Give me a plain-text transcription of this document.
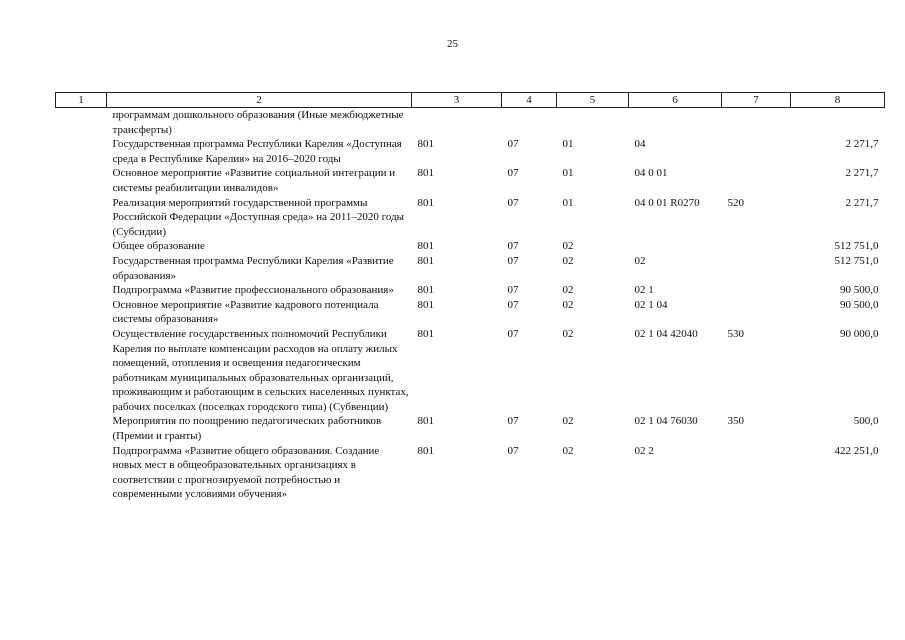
25
1	2	3	4	5	6	7	8
	программам дошкольного образования (Иные межбюджетные трансферты)						
	Государственная программа Республики Карелия «Доступная среда в Республике Карелия» на 2016–2020 годы	801	07	01	04		2 271,7
	Основное мероприятие «Развитие социальной интеграции и системы реабилитации инвалидов»	801	07	01	04 0 01		2 271,7
	Реализация мероприятий государственной программы Российской Федерации «Доступная среда» на 2011–2020 годы (Субсидии)	801	07	01	04 0 01 R0270	520	2 271,7
	Общее образование	801	07	02			512 751,0
	Государственная программа Республики Карелия «Развитие образования»	801	07	02	02		512 751,0
	Подпрограмма «Развитие профессионального образования»	801	07	02	02 1		90 500,0
	Основное мероприятие «Развитие кадрового потенциала системы образования»	801	07	02	02 1 04		90 500,0
	Осуществление государственных полномочий Республики Карелия по выплате компенсации расходов на оплату жилых помещений, отопления и освещения педагогическим работникам муниципальных образовательных организаций, проживающим и работающим в сельских населенных пунктах, рабочих поселках (поселках городского типа) (Субвенции)	801	07	02	02 1 04 42040	530	90 000,0
	Мероприятия по поощрению педагогических работников (Премии и гранты)	801	07	02	02 1 04 76030	350	500,0
	Подпрограмма «Развитие общего образования. Создание новых мест в общеобразовательных организациях в соответствии с прогнозируемой потребностью и современными условиями обучения»	801	07	02	02 2		422 251,0
